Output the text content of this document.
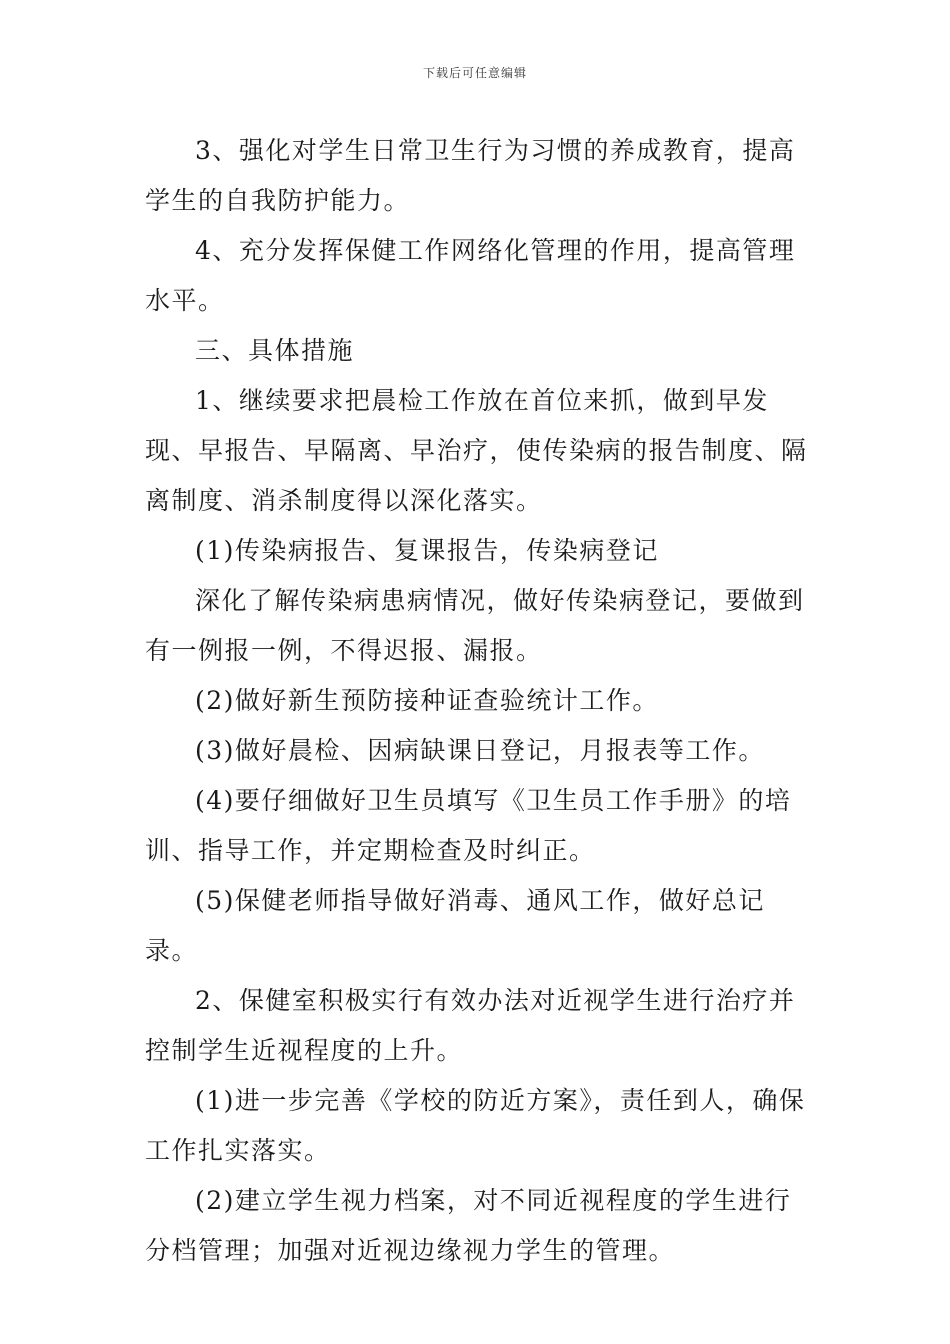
下载后可任意编辑

3、强化对学生日常卫生行为习惯的养成教育，提高学生的自我防护能力。

4、充分发挥保健工作网络化管理的作用，提高管理水平。

三、具体措施

1、继续要求把晨检工作放在首位来抓，做到早发现、早报告、早隔离、早治疗，使传染病的报告制度、隔离制度、消杀制度得以深化落实。

(1)传染病报告、复课报告，传染病登记

深化了解传染病患病情况，做好传染病登记，要做到有一例报一例，不得迟报、漏报。

(2)做好新生预防接种证查验统计工作。

(3)做好晨检、因病缺课日登记，月报表等工作。

(4)要仔细做好卫生员填写《卫生员工作手册》的培训、指导工作，并定期检查及时纠正。

(5)保健老师指导做好消毒、通风工作，做好总记录。

2、保健室积极实行有效办法对近视学生进行治疗并控制学生近视程度的上升。

(1)进一步完善《学校的防近方案》，责任到人，确保工作扎实落实。

(2)建立学生视力档案，对不同近视程度的学生进行分档管理；加强对近视边缘视力学生的管理。
